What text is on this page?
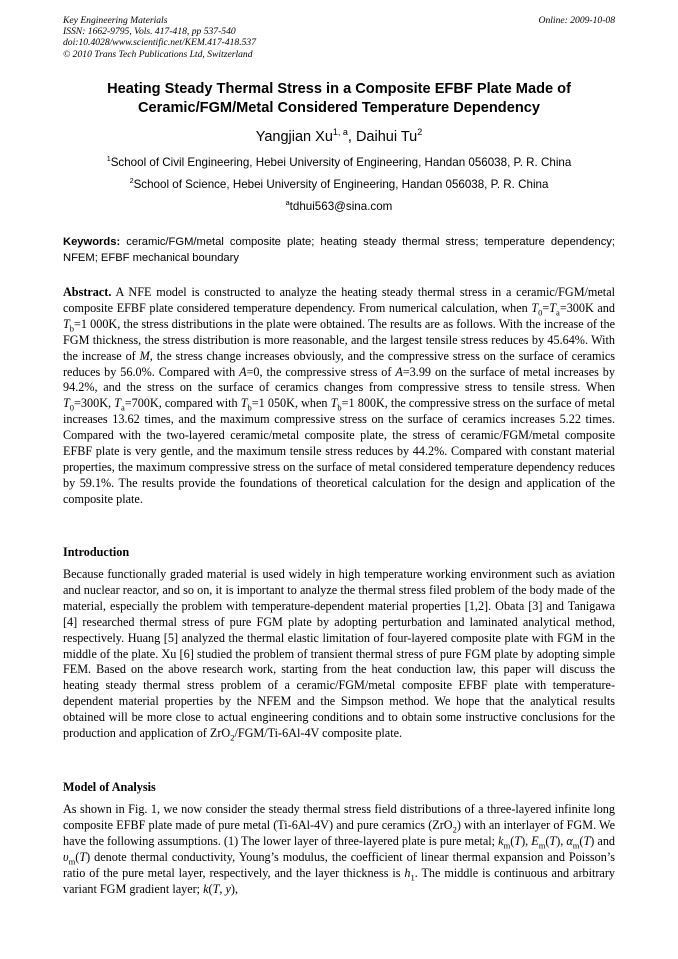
Key Engineering Materials
ISSN: 1662-9795, Vols. 417-418, pp 537-540
doi:10.4028/www.scientific.net/KEM.417-418.537
© 2010 Trans Tech Publications Ltd, Switzerland
Online: 2009-10-08
Heating Steady Thermal Stress in a Composite EFBF Plate Made of
Ceramic/FGM/Metal Considered Temperature Dependency
Yangjian Xu$^{1, a}$, Daihui Tu$^2$
$^1$School of Civil Engineering, Hebei University of Engineering, Handan 056038, P. R. China
$^2$School of Science, Hebei University of Engineering, Handan 056038, P. R. China
$^a$tdhui563@sina.com
Keywords: ceramic/FGM/metal composite plate; heating steady thermal stress; temperature dependency; NFEM; EFBF mechanical boundary
Abstract. A NFE model is constructed to analyze the heating steady thermal stress in a ceramic/FGM/metal composite EFBF plate considered temperature dependency. From numerical calculation, when $T_0=T_a=300K$ and $T_b=1$ 000K, the stress distributions in the plate were obtained. The results are as follows. With the increase of the FGM thickness, the stress distribution is more reasonable, and the largest tensile stress reduces by 45.64%. With the increase of M, the stress change increases obviously, and the compressive stress on the surface of ceramics reduces by 56.0%. Compared with A=0, the compressive stress of A=3.99 on the surface of metal increases by 94.2%, and the stress on the surface of ceramics changes from compressive stress to tensile stress. When $T_0=300K$, $T_a=700K$, compared with $T_b=1$ 050K, when $T_b=1$ 800K, the compressive stress on the surface of metal increases 13.62 times, and the maximum compressive stress on the surface of ceramics increases 5.22 times. Compared with the two-layered ceramic/metal composite plate, the stress of ceramic/FGM/metal composite EFBF plate is very gentle, and the maximum tensile stress reduces by 44.2%. Compared with constant material properties, the maximum compressive stress on the surface of metal considered temperature dependency reduces by 59.1%. The results provide the foundations of theoretical calculation for the design and application of the composite plate.
Introduction
Because functionally graded material is used widely in high temperature working environment such as aviation and nuclear reactor, and so on, it is important to analyze the thermal stress filed problem of the body made of the material, especially the problem with temperature-dependent material properties [1,2]. Obata [3] and Tanigawa [4] researched thermal stress of pure FGM plate by adopting perturbation and laminated analytical method, respectively. Huang [5] analyzed the thermal elastic limitation of four-layered composite plate with FGM in the middle of the plate. Xu [6] studied the problem of transient thermal stress of pure FGM plate by adopting simple FEM. Based on the above research work, starting from the heat conduction law, this paper will discuss the heating steady thermal stress problem of a ceramic/FGM/metal composite EFBF plate with temperature-dependent material properties by the NFEM and the Simpson method. We hope that the analytical results obtained will be more close to actual engineering conditions and to obtain some instructive conclusions for the production and application of ZrO$_2$/FGM/Ti-6Al-4V composite plate.
Model of Analysis
As shown in Fig. 1, we now consider the steady thermal stress field distributions of a three-layered infinite long composite EFBF plate made of pure metal (Ti-6Al-4V) and pure ceramics (ZrO$_2$) with an interlayer of FGM. We have the following assumptions. (1) The lower layer of three-layered plate is pure metal; $k_m(T)$, $E_m(T)$, $\alpha_m(T)$ and $\upsilon_m(T)$ denote thermal conductivity, Young’s modulus, the coefficient of linear thermal expansion and Poisson’s ratio of the pure metal layer, respectively, and the layer thickness is $h_1$. The middle is continuous and arbitrary variant FGM gradient layer; k(T, y),
